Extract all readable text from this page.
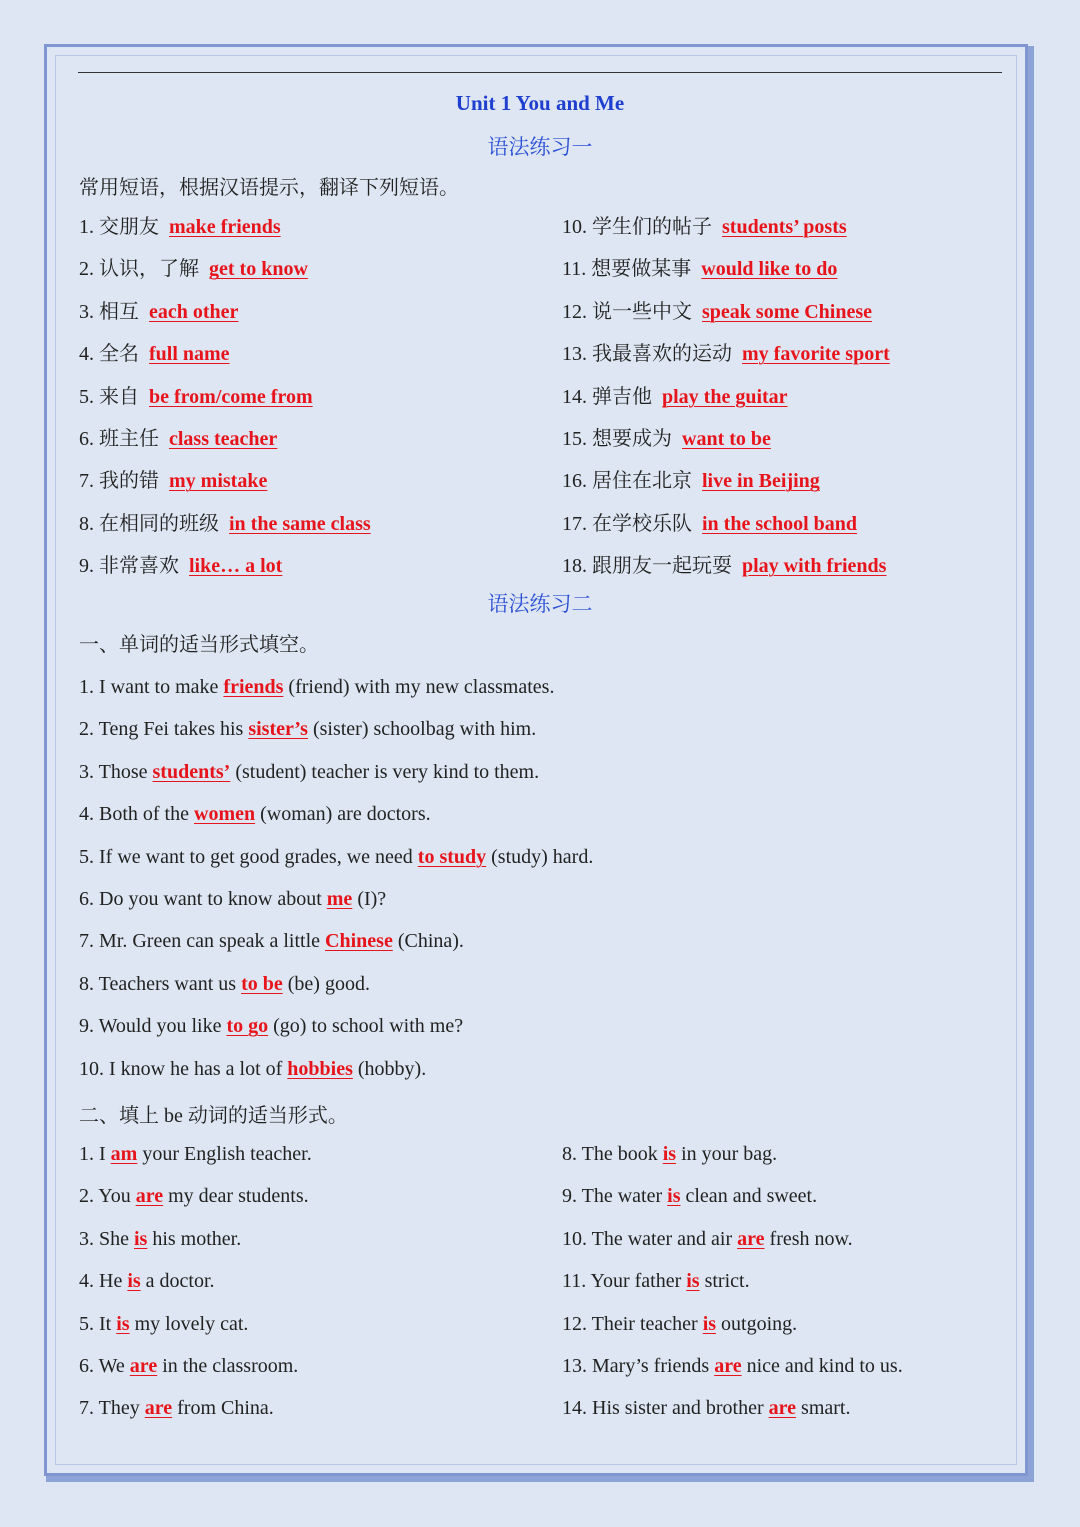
Unit 1 You and Me
语法练习一
常用短语，根据汉语提示，翻译下列短语。
1. 交朋友 make friends
2. 认识，了解 get to know
3. 相互 each other
4. 全名 full name
5. 来自 be from/come from
6. 班主任 class teacher
7. 我的错 my mistake
8. 在相同的班级 in the same class
9. 非常喜欢 like… a lot
10. 学生们的帖子 students’ posts
11. 想要做某事 would like to do
12. 说一些中文 speak some Chinese
13. 我最喜欢的运动 my favorite sport
14. 弹吉他 play the guitar
15. 想要成为 want to be
16. 居住在北京 live in Beijing
17. 在学校乐队 in the school band
18. 跟朋友一起玩耍 play with friends
语法练习二
一、单词的适当形式填空。
1. I want to make friends (friend) with my new classmates.
2. Teng Fei takes his sister’s (sister) schoolbag with him.
3. Those students’ (student) teacher is very kind to them.
4. Both of the women (woman) are doctors.
5. If we want to get good grades, we need to study (study) hard.
6. Do you want to know about me (I)?
7. Mr. Green can speak a little Chinese (China).
8. Teachers want us to be (be) good.
9. Would you like to go (go) to school with me?
10. I know he has a lot of hobbies (hobby).
二、填上 be 动词的适当形式。
1. I am your English teacher.
2. You are my dear students.
3. She is his mother.
4. He is a doctor.
5. It is my lovely cat.
6. We are in the classroom.
7. They are from China.
8. The book is in your bag.
9. The water is clean and sweet.
10. The water and air are fresh now.
11. Your father is strict.
12. Their teacher is outgoing.
13. Mary’s friends are nice and kind to us.
14. His sister and brother are smart.
